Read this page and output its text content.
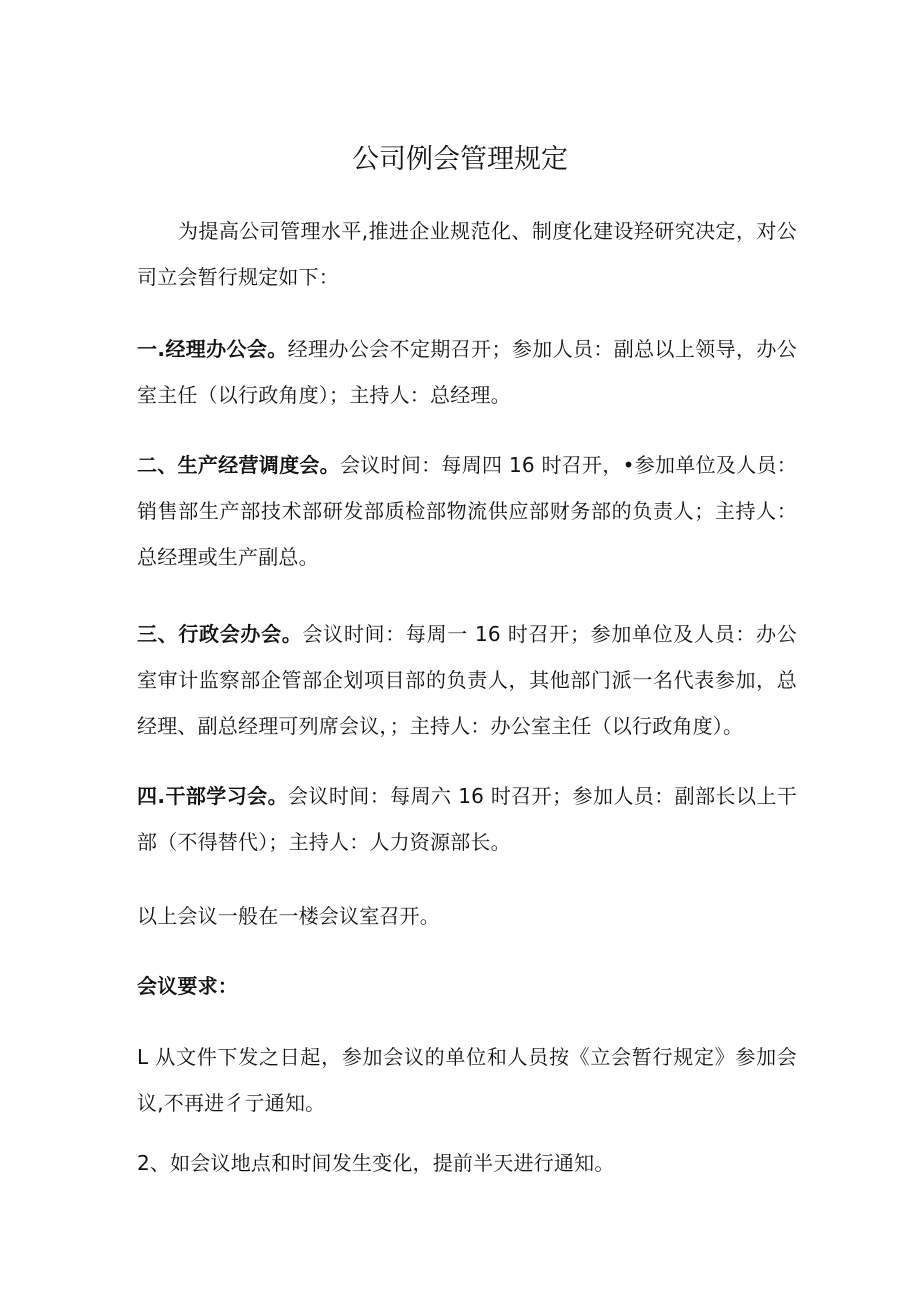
公司例会管理规定

为提高公司管理水平,推进企业规范化、制度化建设羟研究决定，对公司立会暂行规定如下：

一.经理办公会。经理办公会不定期召开；参加人员：副总以上领导，办公室主任（以行政角度）；主持人：总经理。

二、生产经营调度会。会议时间：每周四 16 时召开，•参加单位及人员：销售部生产部技术部研发部质检部物流供应部财务部的负责人；主持人：总经理或生产副总。

三、行政会办会。会议时间：每周一 16 时召开；参加单位及人员：办公室审计监察部企管部企划项目部的负责人，其他部门派一名代表参加，总经理、副总经理可列席会议，；主持人：办公室主任（以行政角度）。

四.干部学习会。会议时间：每周六 16 时召开；参加人员：副部长以上干部（不得替代）；主持人：人力资源部长。

以上会议一般在一楼会议室召开。

会议要求：

L 从文件下发之日起，参加会议的单位和人员按《立会暂行规定》参加会议,不再进彳亍通知。

2、如会议地点和时间发生变化，提前半天进行通知。
